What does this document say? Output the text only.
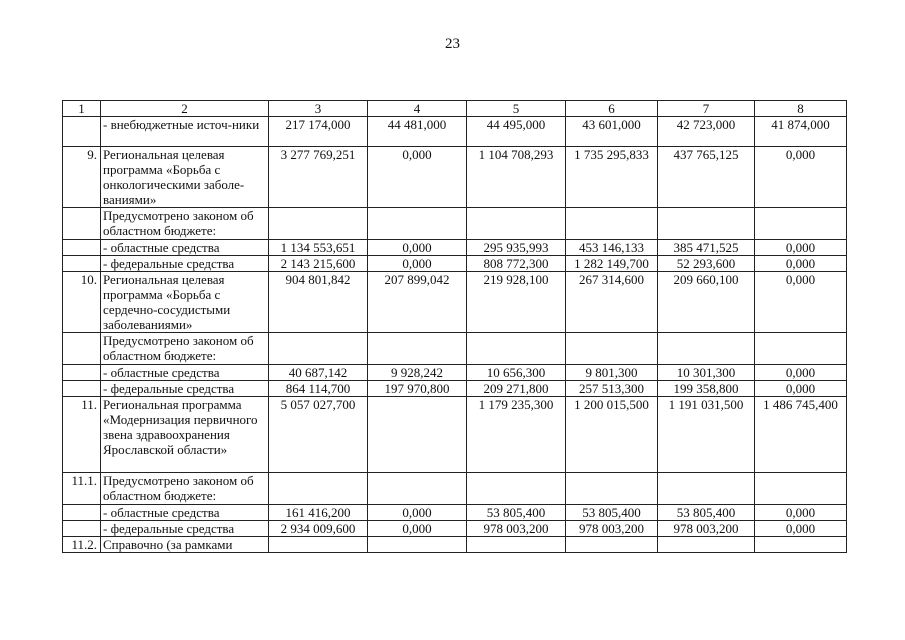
23
1	2	3	4	5	6	7	8
	- внебюджетные источ-ники	217 174,000	44 481,000	44 495,000	43 601,000	42 723,000	41 874,000
9.	Региональная целевая программа «Борьба с онкологическими заболе-ваниями»	3 277 769,251	0,000	1 104 708,293	1 735 295,833	437 765,125	0,000
	Предусмотрено законом об областном бюджете:						
	- областные средства	1 134 553,651	0,000	295 935,993	453 146,133	385 471,525	0,000
	- федеральные средства	2 143 215,600	0,000	808 772,300	1 282 149,700	52 293,600	0,000
10.	Региональная целевая программа «Борьба с сердечно-сосудистыми заболеваниями»	904 801,842	207 899,042	219 928,100	267 314,600	209 660,100	0,000
	Предусмотрено законом об областном бюджете:						
	- областные средства	40 687,142	9 928,242	10 656,300	9 801,300	10 301,300	0,000
	- федеральные средства	864 114,700	197 970,800	209 271,800	257 513,300	199 358,800	0,000
11.	Региональная программа «Модернизация первичного звена здравоохранения Ярославской области»	5 057 027,700		1 179 235,300	1 200 015,500	1 191 031,500	1 486 745,400
11.1.	Предусмотрено законом об областном бюджете:						
	- областные средства	161 416,200	0,000	53 805,400	53 805,400	53 805,400	0,000
	- федеральные средства	2 934 009,600	0,000	978 003,200	978 003,200	978 003,200	0,000
11.2.	Справочно (за рамками						
